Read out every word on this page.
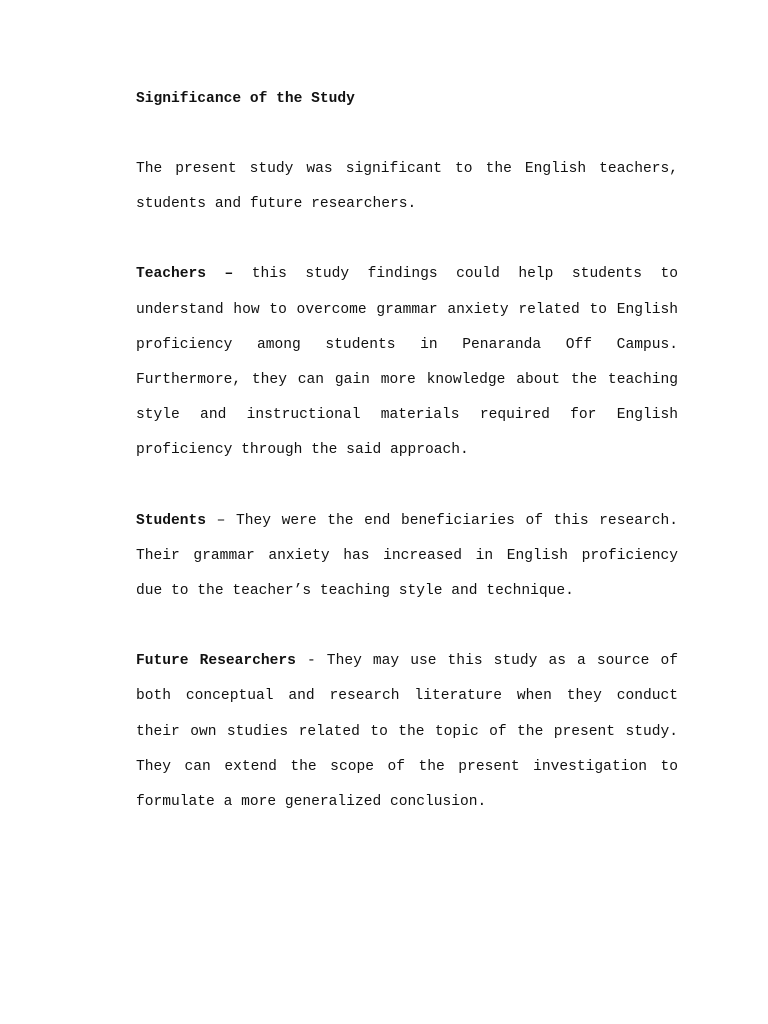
Significance of the Study

The present study was significant to the English teachers, students and future researchers.

Teachers – this study findings could help students to understand how to overcome grammar anxiety related to English proficiency among students in Penaranda Off Campus. Furthermore, they can gain more knowledge about the teaching style and instructional materials required for English proficiency through the said approach.

Students – They were the end beneficiaries of this research. Their grammar anxiety has increased in English proficiency due to the teacher’s teaching style and technique.

Future Researchers - They may use this study as a source of both conceptual and research literature when they conduct their own studies related to the topic of the present study. They can extend the scope of the present investigation to formulate a more generalized conclusion.
